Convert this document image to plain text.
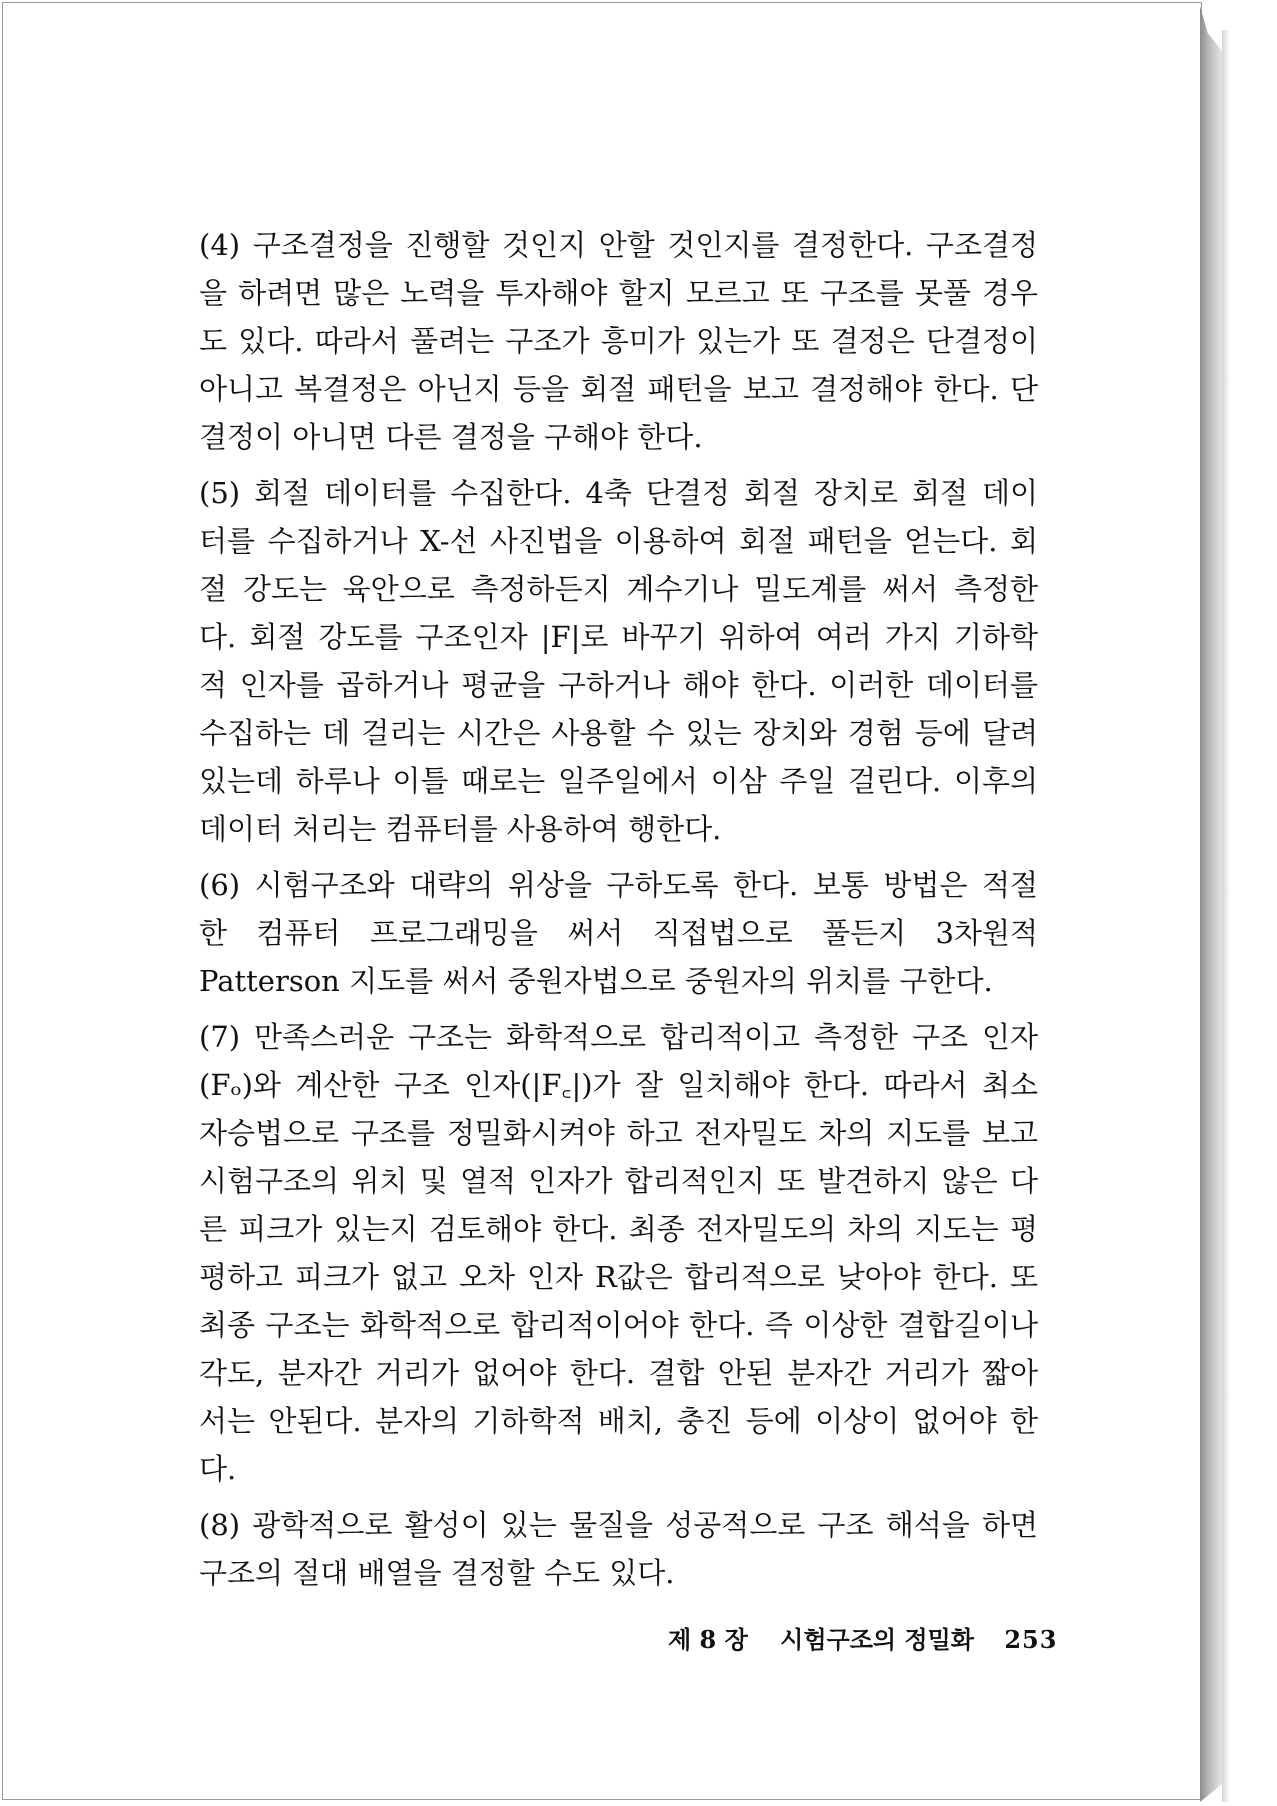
(4) 구조결정을 진행할 것인지 안할 것인지를 결정한다. 구조결정
을 하려면 많은 노력을 투자해야 할지 모르고 또 구조를 못풀 경우
도 있다. 따라서 풀려는 구조가 흥미가 있는가 또 결정은 단결정이
아니고 복결정은 아닌지 등을 회절 패턴을 보고 결정해야 한다. 단
결정이 아니면 다른 결정을 구해야 한다.
(5) 회절 데이터를 수집한다. 4축 단결정 회절 장치로 회절 데이
터를 수집하거나 X-선 사진법을 이용하여 회절 패턴을 얻는다. 회
절 강도는 육안으로 측정하든지 계수기나 밀도계를 써서 측정한
다. 회절 강도를 구조인자 |F|로 바꾸기 위하여 여러 가지 기하학
적 인자를 곱하거나 평균을 구하거나 해야 한다. 이러한 데이터를
수집하는 데 걸리는 시간은 사용할 수 있는 장치와 경험 등에 달려
있는데 하루나 이틀 때로는 일주일에서 이삼 주일 걸린다. 이후의
데이터 처리는 컴퓨터를 사용하여 행한다.
(6) 시험구조와 대략의 위상을 구하도록 한다. 보통 방법은 적절
한 컴퓨터 프로그래밍을 써서 직접법으로 풀든지 3차원적
Patterson 지도를 써서 중원자법으로 중원자의 위치를 구한다.
(7) 만족스러운 구조는 화학적으로 합리적이고 측정한 구조 인자
(Fₒ)와 계산한 구조 인자(|F꜀|)가 잘 일치해야 한다. 따라서 최소
자승법으로 구조를 정밀화시켜야 하고 전자밀도 차의 지도를 보고
시험구조의 위치 및 열적 인자가 합리적인지 또 발견하지 않은 다
른 피크가 있는지 검토해야 한다. 최종 전자밀도의 차의 지도는 평
평하고 피크가 없고 오차 인자 R값은 합리적으로 낮아야 한다. 또
최종 구조는 화학적으로 합리적이어야 한다. 즉 이상한 결합길이나
각도, 분자간 거리가 없어야 한다. 결합 안된 분자간 거리가 짧아
서는 안된다. 분자의 기하학적 배치, 충진 등에 이상이 없어야 한
다.
(8) 광학적으로 활성이 있는 물질을 성공적으로 구조 해석을 하면
구조의 절대 배열을 결정할 수도 있다.
제 8 장 시험구조의 정밀화 253
